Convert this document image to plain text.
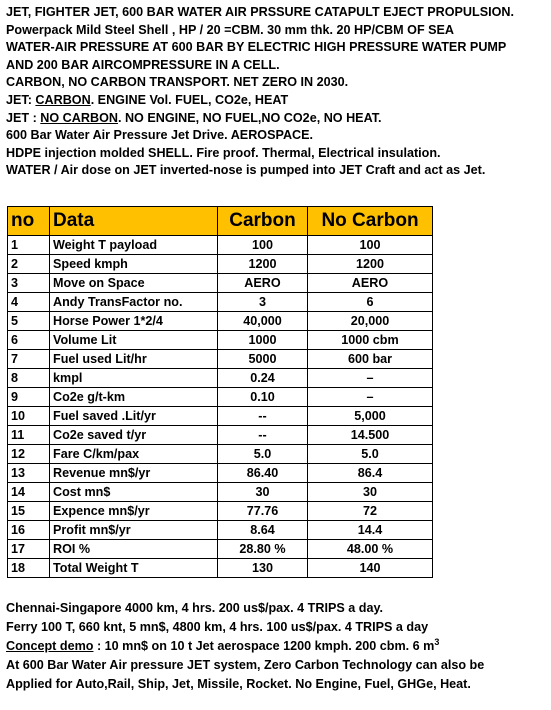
JET, FIGHTER JET, 600 BAR WATER AIR PRSSURE CATAPULT EJECT PROPULSION.
Powerpack Mild Steel Shell , HP / 20 =CBM. 30 mm thk. 20 HP/CBM OF SEA
WATER-AIR PRESSURE AT 600 BAR BY ELECTRIC HIGH PRESSURE WATER PUMP
AND 200 BAR AIRCOMPRESSURE IN A CELL.
CARBON, NO CARBON TRANSPORT. NET ZERO IN 2030.
JET: CARBON. ENGINE Vol. FUEL, CO2e, HEAT
JET : NO CARBON. NO ENGINE, NO FUEL,NO CO2e, NO HEAT.
600 Bar Water Air Pressure Jet Drive. AEROSPACE.
HDPE injection molded SHELL. Fire proof. Thermal, Electrical insulation.
WATER / Air dose on JET inverted-nose is pumped into JET Craft and act as Jet.
no	Data	Carbon	No Carbon
1	Weight T payload	100	100
2	Speed kmph	1200	1200
3	Move on Space	AERO	AERO
4	Andy TransFactor no.	3	6
5	Horse Power 1*2/4	40,000	20,000
6	Volume Lit	1000	1000 cbm
7	Fuel used Lit/hr	5000	600 bar
8	kmpl	0.24	–
9	Co2e g/t-km	0.10	–
10	Fuel saved .Lit/yr	--	5,000
11	Co2e saved t/yr	--	14.500
12	Fare C/km/pax	5.0	5.0
13	Revenue mn$/yr	86.40	86.4
14	Cost mn$	30	30
15	Expence mn$/yr	77.76	72
16	Profit mn$/yr	8.64	14.4
17	ROI %	28.80 %	48.00 %
18	Total Weight T	130	140
Chennai-Singapore 4000 km, 4 hrs. 200 us$/pax. 4 TRIPS a day.
Ferry 100 T, 660 knt, 5 mn$, 4800 km, 4 hrs. 100 us$/pax. 4 TRIPS a day
Concept demo : 10 mn$ on 10 t Jet aerospace 1200 kmph. 200 cbm. 6 $m^3$
At 600 Bar Water Air pressure JET system, Zero Carbon Technology can also be
Applied for Auto,Rail, Ship, Jet, Missile, Rocket. No Engine, Fuel, GHGe, Heat.
